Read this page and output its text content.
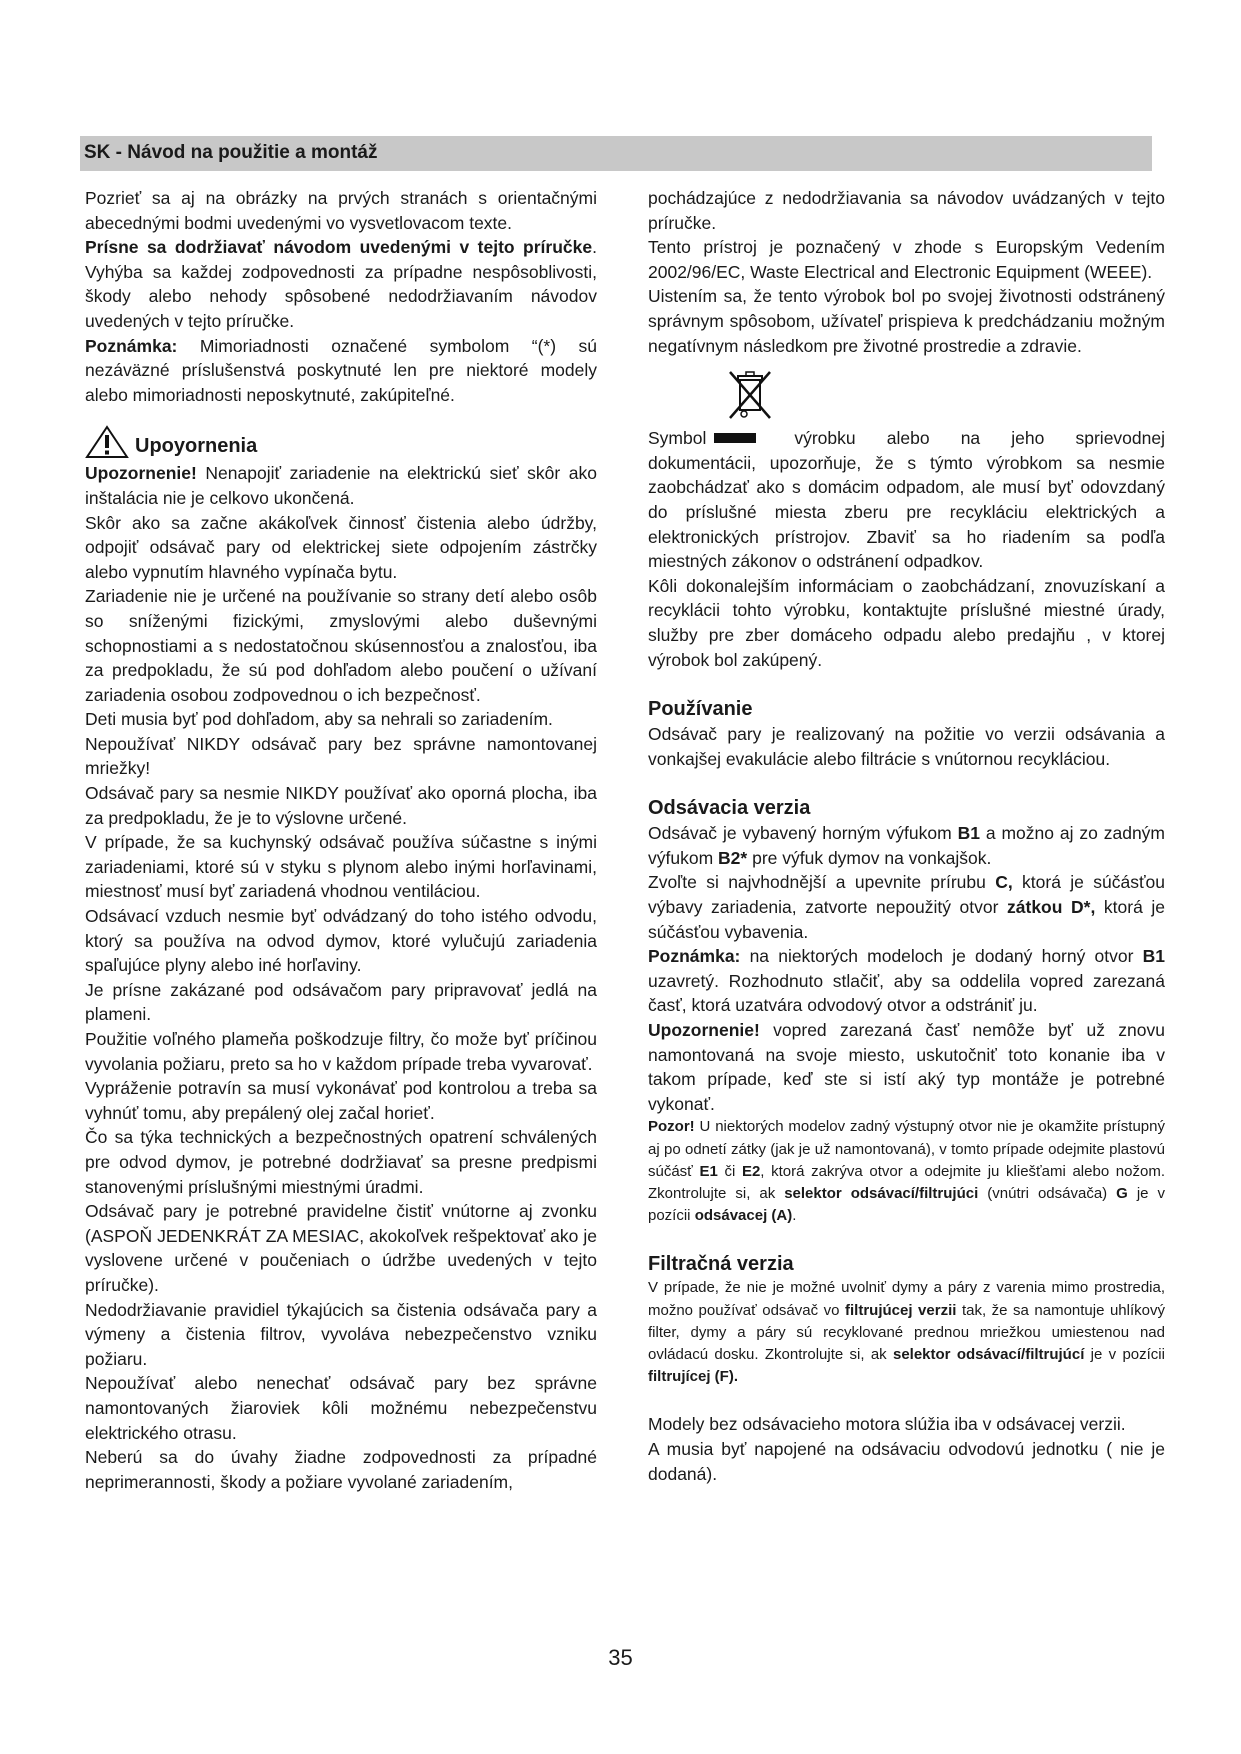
SK - Návod na použitie a montáž

Pozrieť sa aj na obrázky na prvých stranách s orientačnými abecednými bodmi uvedenými vo vysvetlovacom texte.

Prísne sa dodržiavať návodom uvedenými v tejto príručke. Vyhýba sa každej zodpovednosti za prípadne nespôsoblivosti, škody alebo nehody spôsobené nedodržiavaním návodov uvedených v tejto príručke.

Poznámka: Mimoriadnosti označené symbolom “(*) sú nezáväzné príslušenstvá poskytnuté len pre niektoré modely alebo mimoriadnosti neposkytnuté, zakúpiteľné.

Upoyornenia

Upozornenie! Nenapojiť zariadenie na elektrickú sieť skôr ako inštalácia nie je celkovo ukončená.

Skôr ako sa začne akákoľvek činnosť čistenia alebo údržby, odpojiť odsávač pary od elektrickej siete odpojením zástrčky alebo vypnutím hlavného vypínača bytu.

Zariadenie nie je určené na používanie so strany detí alebo osôb so sníženými fizickými, zmyslovými alebo duševnými schopnostiami a s nedostatočnou skúsennosťou a znalosťou, iba za predpokladu, že sú pod dohľadom alebo poučení o užívaní zariadenia osobou zodpovednou o ich bezpečnosť.

Deti musia byť pod dohľadom, aby sa nehrali so zariadením.

Nepoužívať NIKDY odsávač pary bez správne namontovanej mriežky!

Odsávač pary sa nesmie NIKDY používať ako oporná plocha, iba za predpokladu, že je to výslovne určené.

V prípade, že sa kuchynský odsávač používa súčastne s inými zariadeniami, ktoré sú v styku s plynom alebo inými horľavinami, miestnosť musí byť zariadená vhodnou ventiláciou.

Odsávací vzduch nesmie byť odvádzaný do toho istého odvodu, ktorý sa používa na odvod dymov, ktoré vylučujú zariadenia spaľujúce plyny alebo iné horľaviny.

Je prísne zakázané pod odsávačom pary pripravovať jedlá na plameni.

Použitie voľného plameňa poškodzuje filtry, čo može byť príčinou vyvolania požiaru, preto sa ho v každom prípade treba vyvarovať.

Vypráženie potravín sa musí vykonávať pod kontrolou a treba sa vyhnúť tomu, aby prepálený olej začal horieť.

Čo sa týka technických a bezpečnostných opatrení schválených pre odvod dymov, je potrebné dodržiavať sa presne predpismi stanovenými príslušnými miestnými úradmi.

Odsávač pary je potrebné pravidelne čistiť vnútorne aj zvonku (ASPOŇ JEDENKRÁT ZA MESIAC, akokoľvek rešpektovať ako je vyslovene určené v poučeniach o údržbe uvedených v tejto príručke).

Nedodržiavanie pravidiel týkajúcich sa čistenia odsávača pary a výmeny a čistenia filtrov, vyvoláva nebezpečenstvo vzniku požiaru.

Nepoužívať alebo nenechať odsávač pary bez správne namontovaných žiaroviek kôli možnému nebezpečenstvu elektrického otrasu.

Neberú sa do úvahy žiadne zodpovednosti za prípadné neprimerannosti, škody a požiare vyvolané zariadením,

pochádzajúce z nedodržiavania sa návodov uvádzaných v tejto príručke.

Tento prístroj je poznačený v zhode s Europským Vedením 2002/96/EC, Waste Electrical and Electronic Equipment (WEEE).

Uistením sa, že tento výrobok bol po svojej životnosti odstránený správnym spôsobom, užívateľ prispieva k predchádzaniu možným negatívnym následkom pre životné prostredie a zdravie.

Symbol	výrobku alebo na jeho sprievodnej

dokumentácii, upozorňuje, že s týmto výrobkom sa nesmie zaobchádzať ako s domácim odpadom, ale musí byť odovzdaný do príslušné miesta zberu pre recykláciu elektrických a elektronických prístrojov. Zbaviť sa ho riadením sa podľa miestných zákonov o odstránení odpadkov.

Kôli dokonalejším informáciam o zaobchádzaní, znovuzískaní a recyklácii tohto výrobku, kontaktujte príslušné miestné úrady, služby pre zber domáceho odpadu alebo predajňu , v ktorej výrobok bol zakúpený.

Používanie

Odsávač pary je realizovaný na požitie vo verzii odsávania a vonkajšej evakulácie alebo filtrácie s vnútornou recykláciou.

Odsávacia verzia

Odsávač je vybavený horným výfukom B1 a možno aj zo zadným výfukom B2* pre výfuk dymov na vonkajšok.

Zvoľte si najvhodnější a upevnite prírubu C, ktorá je súčásťou výbavy zariadenia, zatvorte nepoužitý otvor zátkou D*, ktorá je súčásťou vybavenia.

Poznámka: na niektorých modeloch je dodaný horný otvor B1 uzavretý. Rozhodnuto stlačiť, aby sa oddelila vopred zarezaná časť, ktorá uzatvára odvodový otvor a odstrániť ju.

Upozornenie! vopred zarezaná časť nemôže byť už znovu namontovaná na svoje miesto, uskutočniť toto konanie iba v takom prípade, keď ste si istí aký typ montáže je potrebné vykonať.

Pozor! U niektorých modelov zadný výstupný otvor nie je okamžite prístupný aj po odnetí zátky (jak je už namontovaná), v tomto prípade odejmite plastovú súčásť E1 či E2, ktorá zakrýva otvor a odejmite ju kliešťami alebo nožom. Zkontrolujte si, ak selektor odsávací/filtrujúci (vnútri odsávača) G je v pozícii odsávacej (A).

Filtračná verzia

V prípade, že nie je možné uvolniť dymy a páry z varenia mimo prostredia, možno používať odsávač vo filtrujúcej verzii tak, že sa namontuje uhlíkový filter, dymy a páry sú recyklované prednou mriežkou umiestenou nad ovládacú dosku. Zkontrolujte si, ak selektor odsávací/filtrujúcí je v pozícii filtrujícej (F).

Modely bez odsávacieho motora slúžia iba v odsávacej verzii.

A musia byť napojené na odsávaciu odvodovú jednotku ( nie je dodaná).

35
